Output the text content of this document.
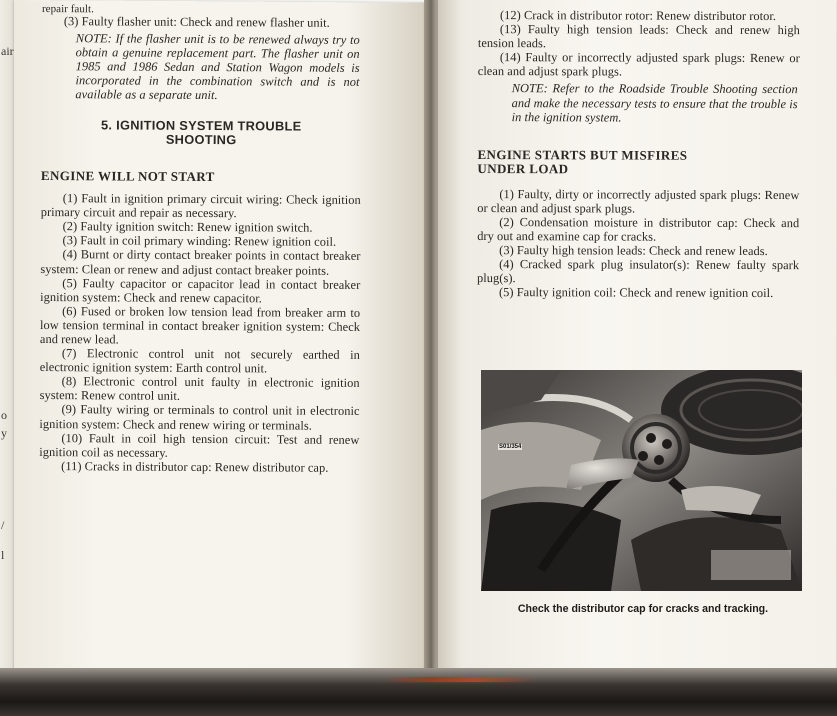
air
o
y
/
l

repair fault.

(3) Faulty flasher unit: Check and renew flasher unit.

NOTE: If the flasher unit is to be renewed always try to obtain a genuine replacement part. The flasher unit on 1985 and 1986 Sedan and Station Wagon models is incorporated in the combination switch and is not available as a separate unit.

5. IGNITION SYSTEM TROUBLE
SHOOTING

ENGINE WILL NOT START

(1) Fault in ignition primary circuit wiring: Check ignition primary circuit and repair as necessary.

(2) Faulty ignition switch: Renew ignition switch.

(3) Fault in coil primary winding: Renew ignition coil.

(4) Burnt or dirty contact breaker points in contact breaker system: Clean or renew and adjust contact breaker points.

(5) Faulty capacitor or capacitor lead in contact breaker ignition system: Check and renew capacitor.

(6) Fused or broken low tension lead from breaker arm to low tension terminal in contact breaker ignition system: Check and renew lead.

(7) Electronic control unit not securely earthed in electronic ignition system: Earth control unit.

(8) Electronic control unit faulty in electronic ignition system: Renew control unit.

(9) Faulty wiring or terminals to control unit in electronic ignition system: Check and renew wiring or terminals.

(10) Fault in coil high tension circuit: Test and renew ignition coil as necessary.

(11) Cracks in distributor cap: Renew distributor cap.

(12) Crack in distributor rotor: Renew distributor rotor.

(13) Faulty high tension leads: Check and renew high tension leads.

(14) Faulty or incorrectly adjusted spark plugs: Renew or clean and adjust spark plugs.

NOTE: Refer to the Roadside Trouble Shooting section and make the necessary tests to ensure that the trouble is in the ignition system.

ENGINE STARTS BUT MISFIRES
UNDER LOAD

(1) Faulty, dirty or incorrectly adjusted spark plugs: Renew or clean and adjust spark plugs.

(2) Condensation moisture in distributor cap: Check and dry out and examine cap for cracks.

(3) Faulty high tension leads: Check and renew leads.

(4) Cracked spark plug insulator(s): Renew faulty spark plug(s).

(5) Faulty ignition coil: Check and renew ignition coil.

S01/354
Check the distributor cap for cracks and tracking.
